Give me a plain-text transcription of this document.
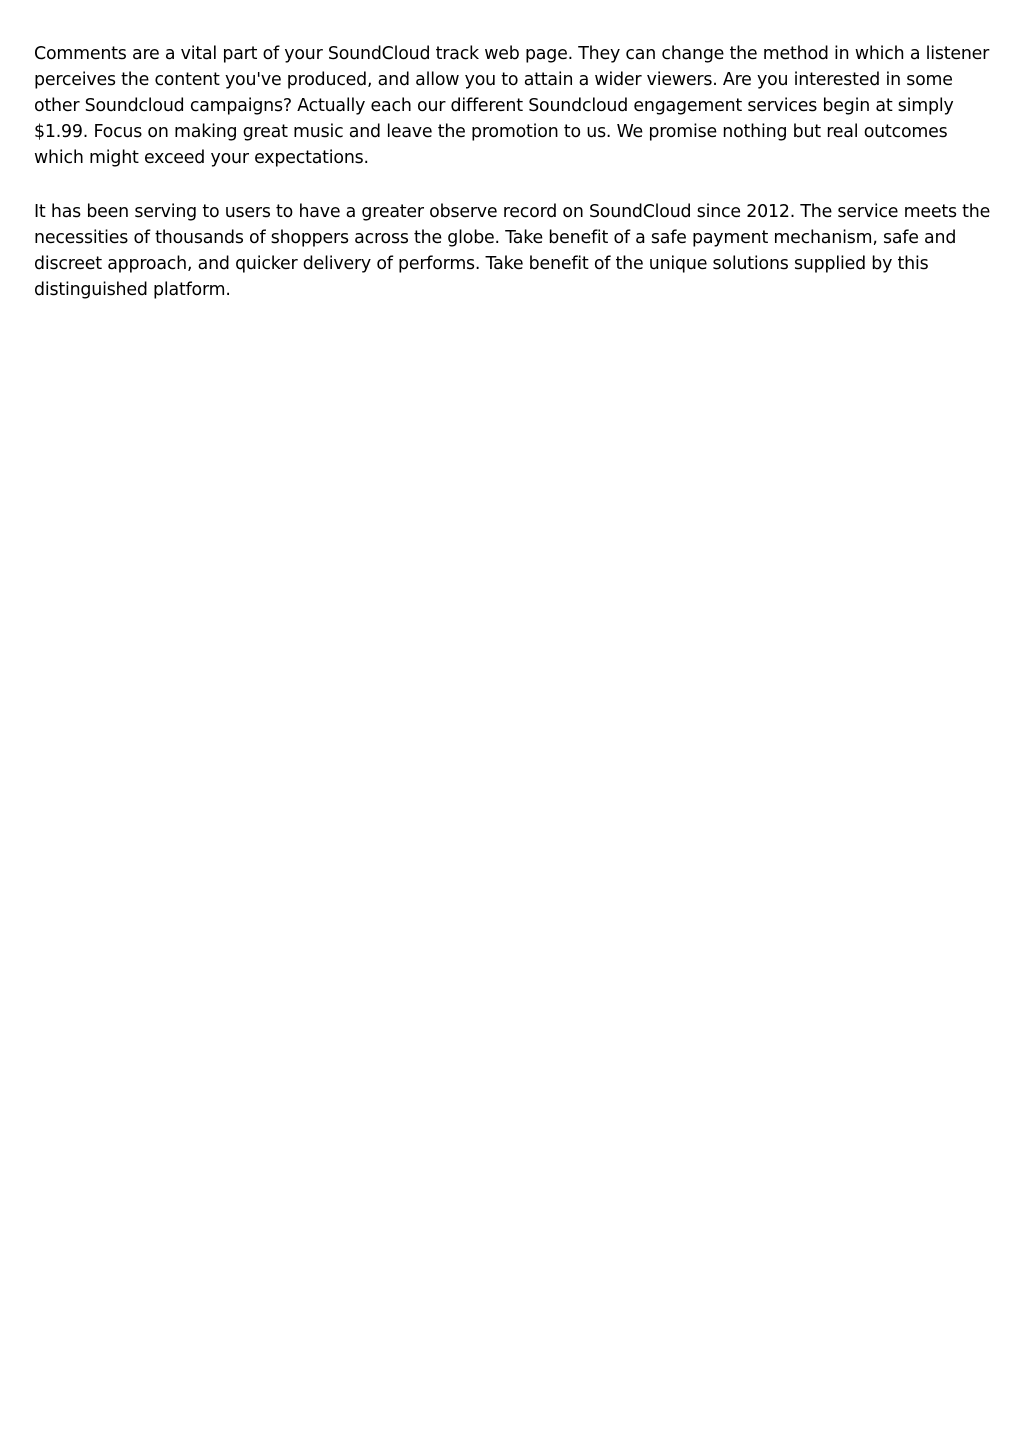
Comments are a vital part of your SoundCloud track web page. They can change the method in which a listener perceives the content you've produced, and allow you to attain a wider viewers. Are you interested in some other Soundcloud campaigns? Actually each our different Soundcloud engagement services begin at simply $1.99. Focus on making great music and leave the promotion to us. We promise nothing but real outcomes which might exceed your expectations.

It has been serving to users to have a greater observe record on SoundCloud since 2012. The service meets the necessities of thousands of shoppers across the globe. Take benefit of a safe payment mechanism, safe and discreet approach, and quicker delivery of performs. Take benefit of the unique solutions supplied by this distinguished platform.
